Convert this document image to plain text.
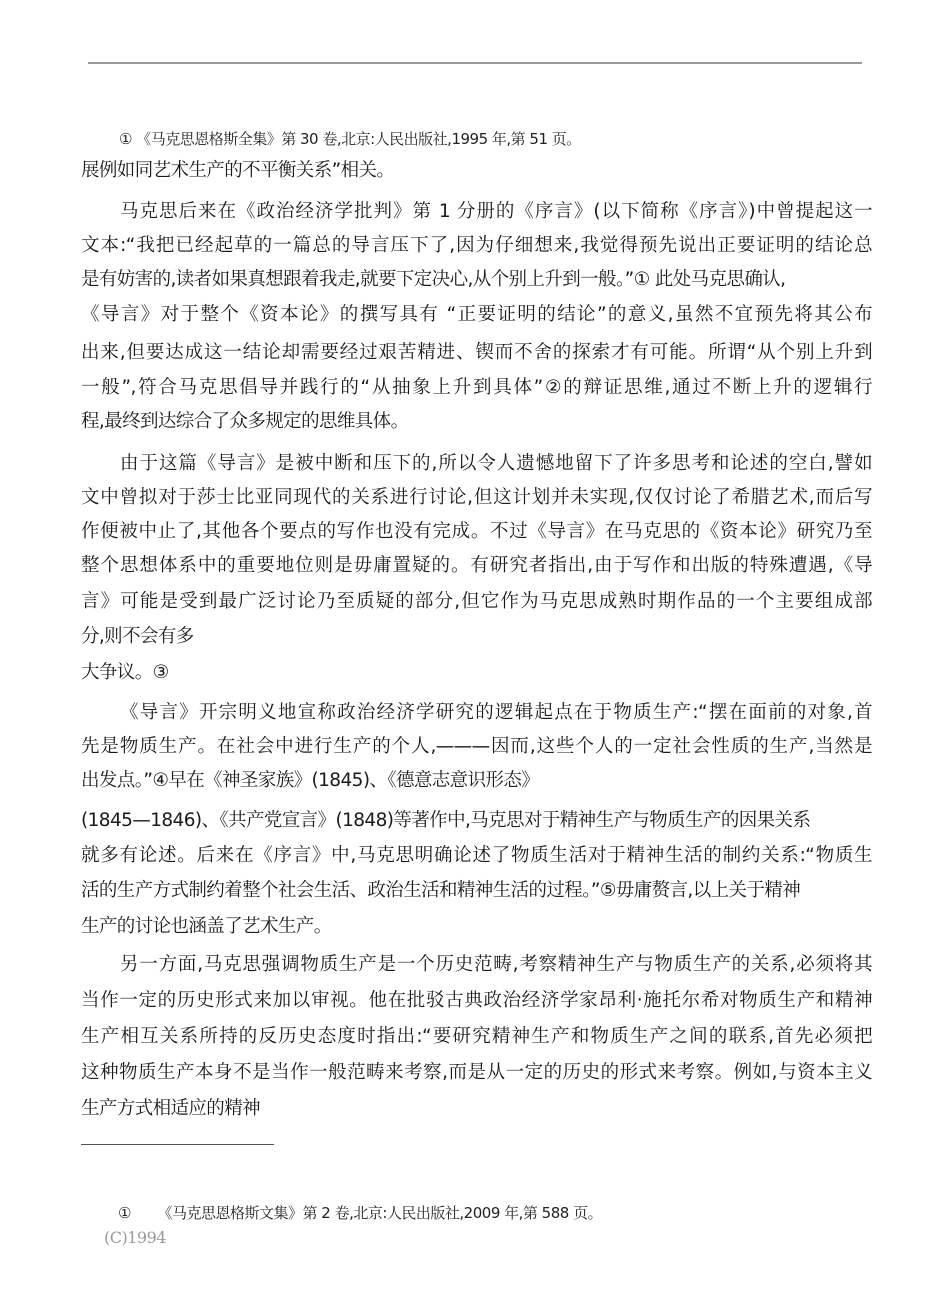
① 《马克思恩格斯全集》第 30 卷,北京:人民出版社,1995 年,第 51 页。
展例如同艺术生产的不平衡关系”相关。
马克思后来在《政治经济学批判》第 1 分册的《序言》(以下简称《序言》)中曾提起这一
文本:“我把已经起草的一篇总的导言压下了,因为仔细想来,我觉得预先说出正要证明的结论总
是有妨害的,读者如果真想跟着我走,就要下定决心,从个别上升到一般。”① 此处马克思确认,
《导言》对于整个《资本论》的撰写具有 “正要证明的结论”的意义,虽然不宜预先将其公布
出来,但要达成这一结论却需要经过艰苦精进、锲而不舍的探索才有可能。所谓“从个别上升到
一般”,符合马克思倡导并践行的“从抽象上升到具体”②的辩证思维,通过不断上升的逻辑行
程,最终到达综合了众多规定的思维具体。
由于这篇《导言》是被中断和压下的,所以令人遗憾地留下了许多思考和论述的空白,譬如
文中曾拟对于莎士比亚同现代的关系进行讨论,但这计划并未实现,仅仅讨论了希腊艺术,而后写
作便被中止了,其他各个要点的写作也没有完成。不过《导言》在马克思的《资本论》研究乃至
整个思想体系中的重要地位则是毋庸置疑的。有研究者指出,由于写作和出版的特殊遭遇,《导
言》可能是受到最广泛讨论乃至质疑的部分,但它作为马克思成熟时期作品的一个主要组成部
分,则不会有多
大争议。③
《导言》开宗明义地宣称政治经济学研究的逻辑起点在于物质生产:“摆在面前的对象,首
先是物质生产。在社会中进行生产的个人,———因而,这些个人的一定社会性质的生产,当然是
出发点。”④早在《神圣家族》(1845)、《德意志意识形态》
(1845—1846)、《共产党宣言》(1848)等著作中,马克思对于精神生产与物质生产的因果关系
就多有论述。后来在《序言》中,马克思明确论述了物质生活对于精神生活的制约关系:“物质生
活的生产方式制约着整个社会生活、政治生活和精神生活的过程。”⑤毋庸赘言,以上关于精神
生产的讨论也涵盖了艺术生产。
另一方面,马克思强调物质生产是一个历史范畴,考察精神生产与物质生产的关系,必须将其
当作一定的历史形式来加以审视。他在批驳古典政治经济学家昂利·施托尔希对物质生产和精神
生产相互关系所持的反历史态度时指出:“要研究精神生产和物质生产之间的联系,首先必须把
这种物质生产本身不是当作一般范畴来考察,而是从一定的历史的形式来考察。例如,与资本主义
生产方式相适应的精神
① 《马克思恩格斯文集》第 2 卷,北京:人民出版社,2009 年,第 588 页。
(C)1994
